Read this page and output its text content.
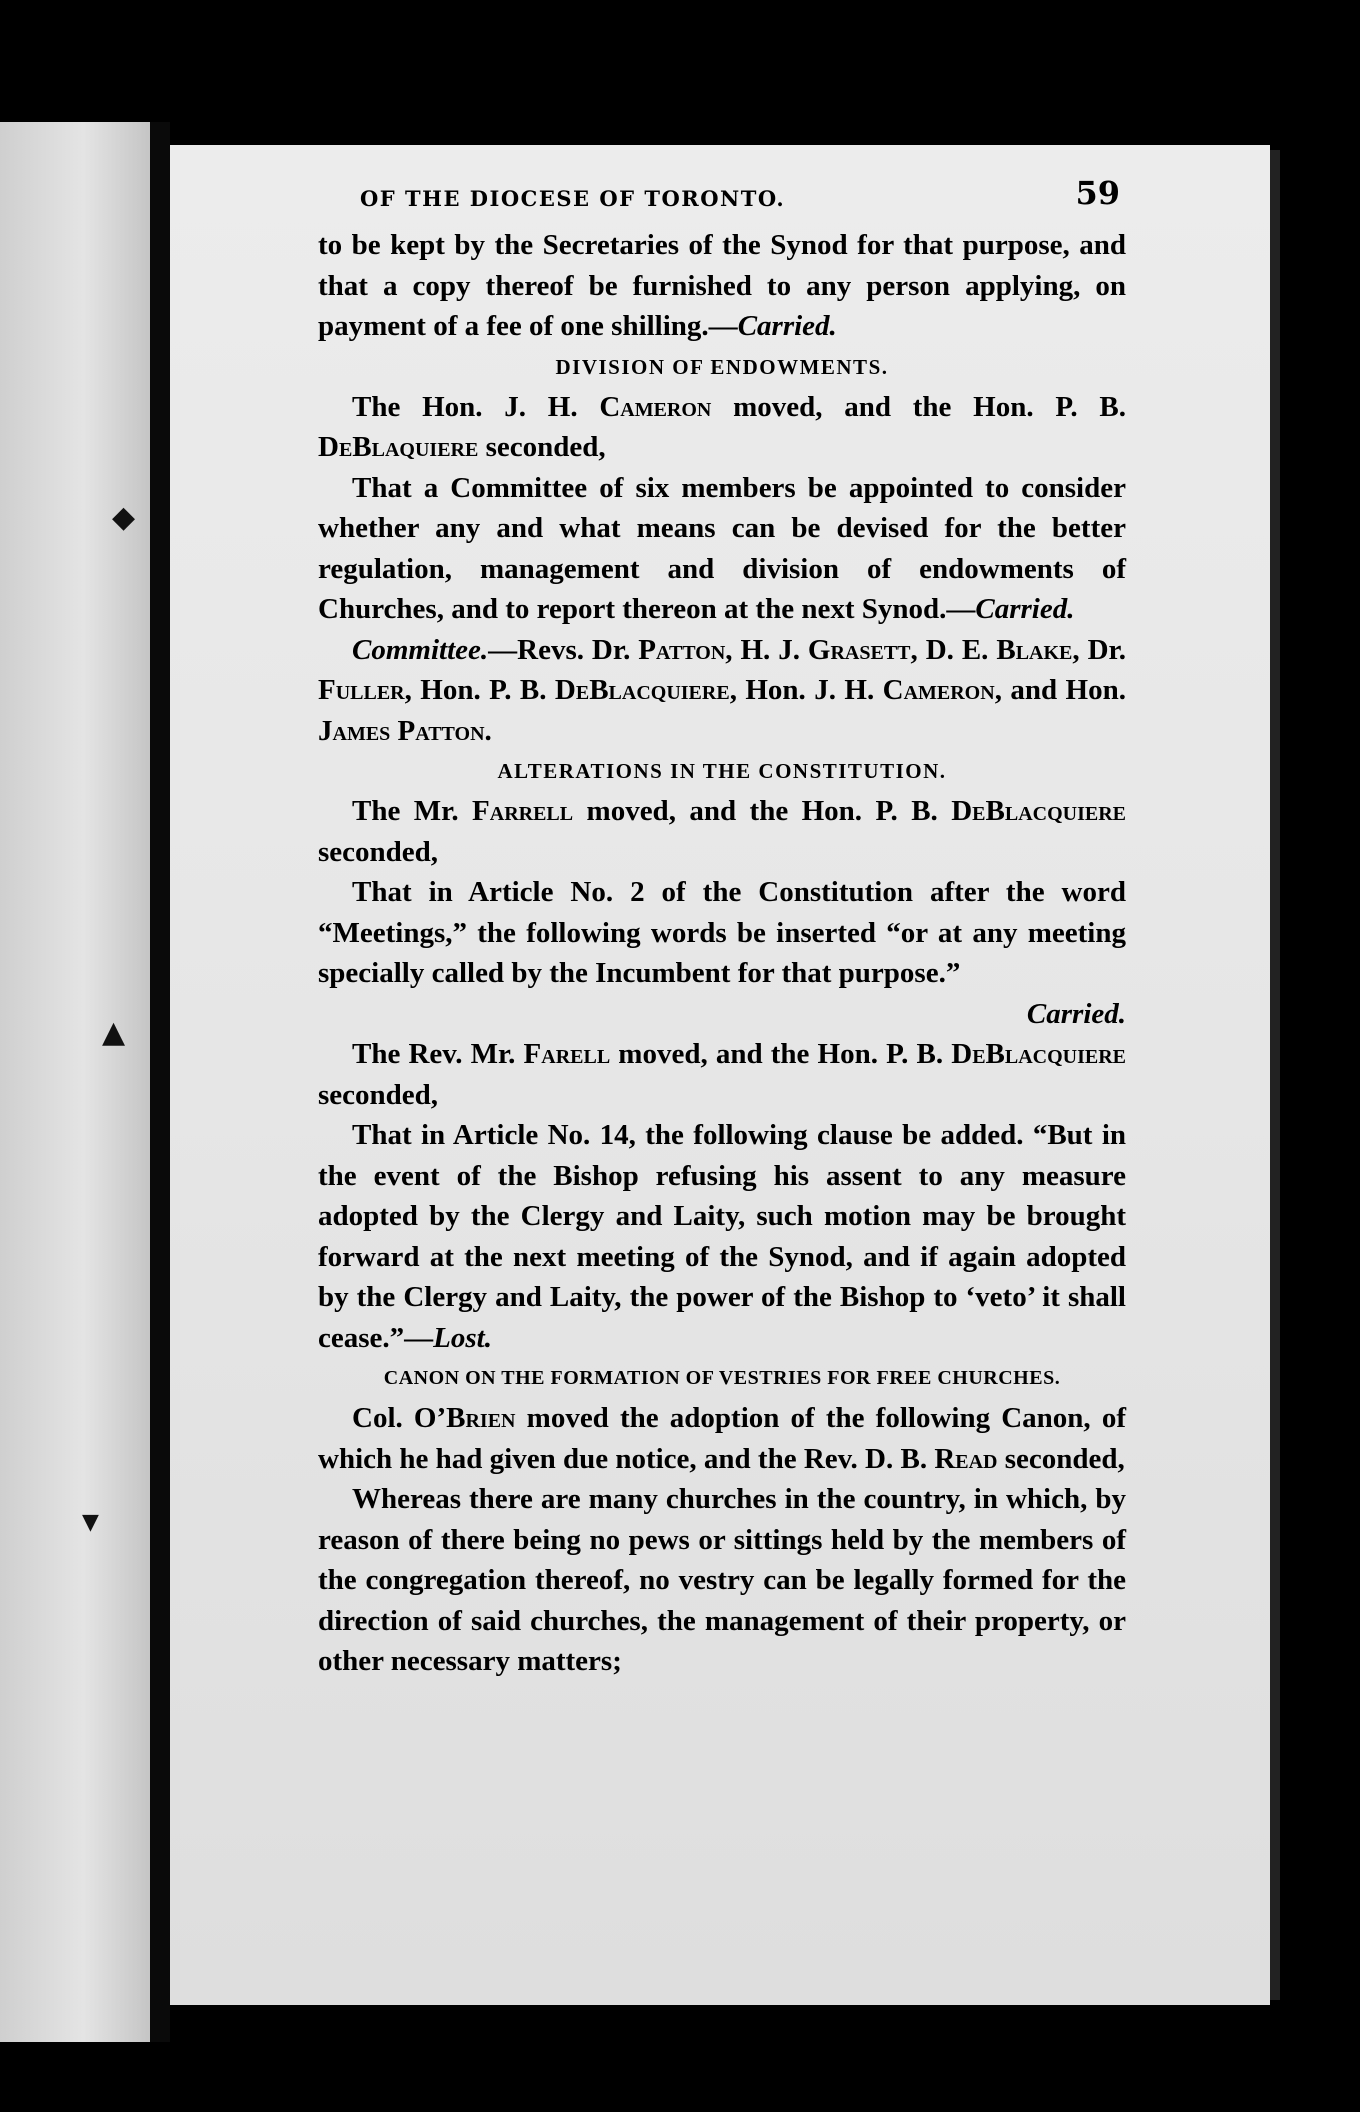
◆
▲
▼
OF THE DIOCESE OF TORONTO.	59

to be kept by the Secretaries of the Synod for that purpose, and that a copy thereof be furnished to any person applying, on payment of a fee of one shilling.—Carried.

DIVISION OF ENDOWMENTS.

The Hon. J. H. Cameron moved, and the Hon. P. B. DeBlaquiere seconded,

That a Committee of six members be appointed to consider whether any and what means can be devised for the better regulation, management and division of endowments of Churches, and to report thereon at the next Synod.—Carried.

Committee.—Revs. Dr. Patton, H. J. Grasett, D. E. Blake, Dr. Fuller, Hon. P. B. DeBlacquiere, Hon. J. H. Cameron, and Hon. James Patton.

ALTERATIONS IN THE CONSTITUTION.

The Mr. Farrell moved, and the Hon. P. B. DeBlacquiere seconded,

That in Article No. 2 of the Constitution after the word “Meetings,” the following words be inserted “or at any meeting specially called by the Incumbent for that purpose.”

Carried.

The Rev. Mr. Farell moved, and the Hon. P. B. DeBlacquiere seconded,

That in Article No. 14, the following clause be added. “But in the event of the Bishop refusing his assent to any measure adopted by the Clergy and Laity, such motion may be brought forward at the next meeting of the Synod, and if again adopted by the Clergy and Laity, the power of the Bishop to ‘veto’ it shall cease.”—Lost.

CANON ON THE FORMATION OF VESTRIES FOR FREE CHURCHES.

Col. O’Brien moved the adoption of the following Canon, of which he had given due notice, and the Rev. D. B. Read seconded,

Whereas there are many churches in the country, in which, by reason of there being no pews or sittings held by the members of the congregation thereof, no vestry can be legally formed for the direction of said churches, the management of their property, or other necessary matters;
